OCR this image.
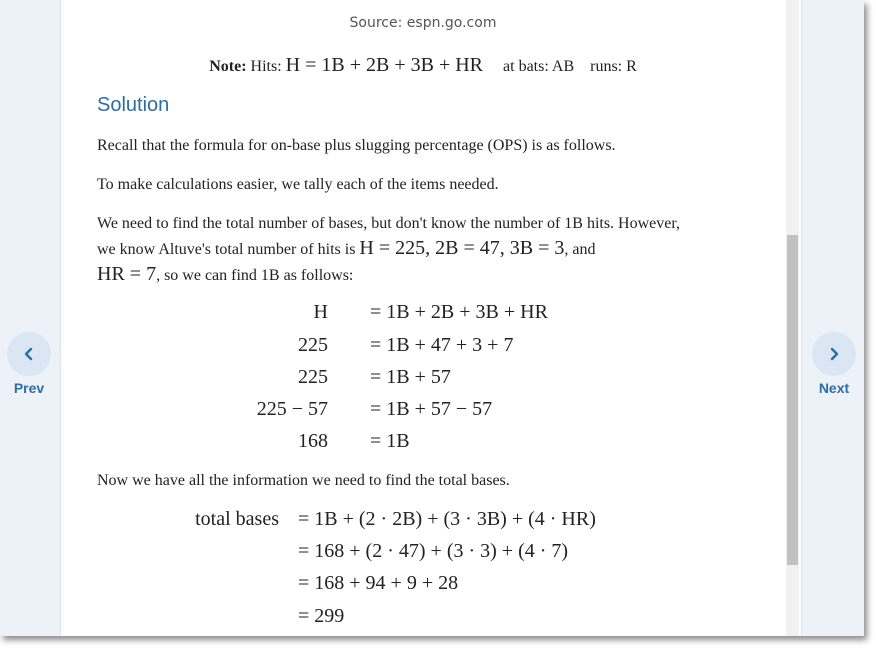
Prev	Next
Source: espn.go.com
Note: Hits: H = 1B + 2B + 3B + HR at bats: AB runs: R
Solution
Recall that the formula for on-base plus slugging percentage (OPS) is as follows.
To make calculations easier, we tally each of the items needed.
We need to find the total number of bases, but don't know the number of 1B hits. However,
we know Altuve's total number of hits is H = 225, 2B = 47, 3B = 3, and
HR = 7, so we can find 1B as follows:
H = 1B + 2B + 3B + HR
225 = 1B + 47 + 3 + 7
225 = 1B + 57
225 − 57 = 1B + 57 − 57
168 = 1B
Now we have all the information we need to find the total bases.
total bases = 1B + (2 · 2B) + (3 · 3B) + (4 · HR)
= 168 + (2 · 47) + (3 · 3) + (4 · 7)
= 168 + 94 + 9 + 28
= 299
